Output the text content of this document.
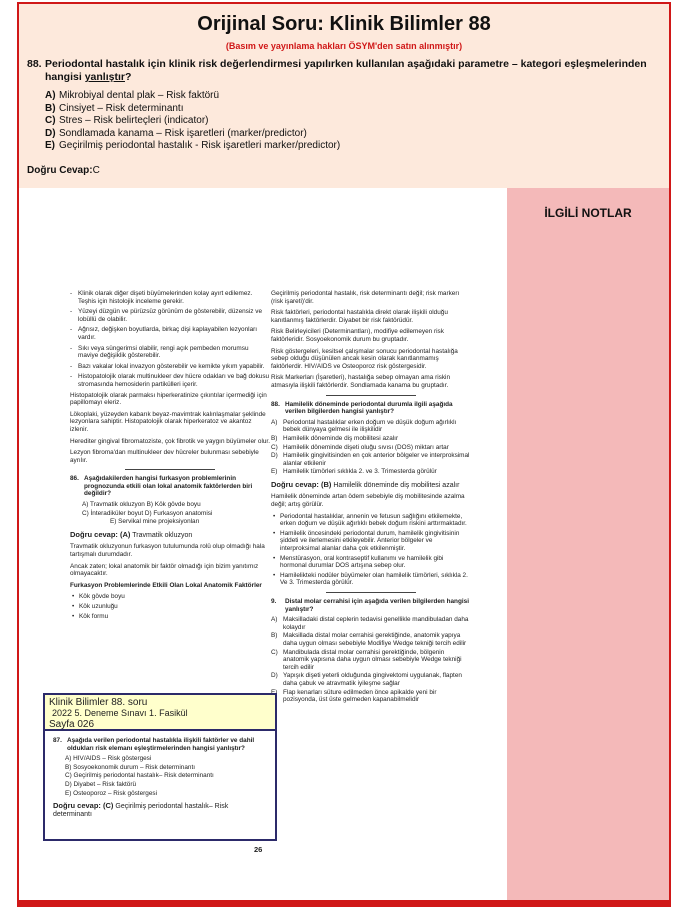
Orijinal Soru: Klinik Bilimler 88
(Basım ve yayınlama hakları ÖSYM'den satın alınmıştır)
88. Periodontal hastalık için klinik risk değerlendirmesi yapılırken kullanılan aşağıdaki parametre – kategori eşleşmelerinden hangisi yanlıştır?
A) Mikrobiyal dental plak – Risk faktörü
B) Cinsiyet – Risk determinantı
C) Stres – Risk belirteçleri (indicator)
D) Sondlamada kanama – Risk işaretleri (marker/predictor)
E) Geçirilmiş periodontal hastalık - Risk işaretleri marker/predictor)
Doğru Cevap:C
İLGİLİ NOTLAR
- Klinik olarak diğer dişeti büyümelerinden kolay ayırt edilemez. Teşhis için histolojik inceleme gerekir.
- Yüzeyi düzgün ve pürüzsüz görünüm de gösterebilir, düzensiz ve lobüllü de olabilir.
- Ağrısız, değişken boyutlarda, birkaç dişi kaplayabilen lezyonları vardır.
- Sıkı veya süngerimsi olabilir, rengi açık pembeden morumsu maviye değişiklik gösterebilir.
- Bazı vakalar lokal invazyon gösterebilir ve kemikte yıkım yapabilir.
- Histopatolojik olarak multinukleer dev hücre odakları ve bağ dokusu stromasında hemosiderin partikülleri içerir.
Histopatolojik olarak parmaksı hiperkeratinize çıkıntılar içermediği için papillomayı eleriz.
Lökoplaki, yüzeyden kabarık beyaz-mavimtrak kalınlaşmalar şeklinde lezyonlara sahiptir. Histopatolojik olarak hiperkeratoz ve akantoz izlenir.
Herediter gingival fibromatoziste, çok fibrotik ve yaygın büyümeler olur.
Lezyon fibroma'dan multinukleer dev hücreler bulunması sebebiyle ayrılır.
86. Aşağıdakilerden hangisi furkasyon problemlerinin prognozunda etkili olan lokal anatomik faktörlerden biri değildir?
A) Travmatik okluzyon B) Kök gövde boyu
C) İnteradiküler boyut D) Furkasyon anatomisi
E) Servikal mine projeksiyonları
Doğru cevap: (A) Travmatik okluzyon
Travmatik okluzyonun furkasyon tutulumunda rolü olup olmadığı hala tartışmalı durumdadır.
Ancak zaten; lokal anatomik bir faktör olmadığı için bizim yanıtımız olmayacaktır.
Furkasyon Problemlerinde Etkili Olan Lokal Anatomik Faktörler
• Kök gövde boyu
• Kök uzunluğu
• Kök formu
Geçirilmiş periodontal hastalık, risk determinantı değil; risk markerı (risk işareti)'dir.
Risk faktörleri, periodontal hastalıkla direkt olarak ilişkili olduğu kanıtlanmış faktörlerdir. Diyabet bir risk faktörüdür.
Risk Belirleyicileri (Determinantları), modifiye edilemeyen risk faktörleridir. Sosyoekonomik durum bu gruptadır.
Risk göstergeleri, kesitsel çalışmalar sonucu periodontal hastalığa sebep olduğu düşünülen ancak kesin olarak kanıtlanmamış faktörlerdir. HIV/AIDS ve Osteoporoz risk göstergesidir.
Risk Markerları (İşaretleri), hastalığa sebep olmayan ama riskin atmasıyla ilişkili faktörlerdir. Sondlamada kanama bu gruptadır.
88. Hamilelik döneminde periodontal durumla ilgili aşağıda verilen bilgilerden hangisi yanlıştır?
A) Periodontal hastalıklar erken doğum ve düşük doğum ağırlıklı bebek dünyaya gelmesi ile ilişkilidir
B) Hamilelik döneminde diş mobilitesi azalır
C) Hamilelik döneminde dişeti oluğu sıvısı (DOS) miktarı artar
D) Hamilelik gingivitisinden en çok anterior bölgeler ve interproksimal alanlar etkilenir
E) Hamilelik tümörleri sıklıkla 2. ve 3. Trimesterda görülür
Doğru cevap: (B) Hamilelik döneminde diş mobilitesi azalır
Hamilelik döneminde artan ödem sebebiyle diş mobilitesinde azalma değil; artış görülür.
• Periodontal hastalıklar, annenin ve fetusun sağlığını etkilemekte, erken doğum ve düşük ağırlıklı bebek doğum riskini arttırmaktadır.
• Hamilelik öncesindeki periodontal durum, hamilelik gingivitisinin şiddeti ve ilerlemesini etkileyebilir. Anterior bölgeler ve interproksimal alanlar daha çok etkilenmiştir.
• Menstürasyon, oral kontraseptif kullanımı ve hamilelik gibi hormonal durumlar DOS artışına sebep olur.
• Hamilelikteki nodüler büyümeler olan hamilelik tümörleri, sıklıkla 2. Ve 3. Trimesterda görülür.
9. Distal molar cerrahisi için aşağıda verilen bilgilerden hangisi yanlıştır?
A) Maksilladaki distal ceplerin tedavisi genellikle mandibuladan daha kolaydır
B) Maksillada distal molar cerrahisi gerektiğinde, anatomik yapıya daha uygun olması sebebiyle Modifiye Wedge tekniği tercih edilir
C) Mandibulada distal molar cerrahisi gerektiğinde, bölgenin anatomik yapısına daha uygun olması sebebiyle Wedge tekniği tercih edilir
D) Yapışık dişeti yeterli olduğunda gingivektomi uygulanak, flapten daha çabuk ve atravmatik iyileşme sağlar
Flap kenarları süture edilmeden önce apikalde yeni bir pozisyonda, üst üste gelmeden kapanabilmelidir
26
Klinik Bilimler 88. soru
2022 5. Deneme Sınavı 1. Fasikül
Sayfa 026
87. Aşağıda verilen periodontal hastalıkla ilişkili faktörler ve dahil oldukları risk elemanı eşleştirmelerinden hangisi yanlıştır?
A) HIV/AIDS – Risk göstergesi
B) Sosyoekonomik durum – Risk determinantı
C) Geçirilmiş periodontal hastalık– Risk determinantı
D) Diyabet – Risk faktörü
E) Osteoporoz – Risk göstergesi
Doğru cevap: (C) Geçirilmiş periodontal hastalık– Risk determinantı
